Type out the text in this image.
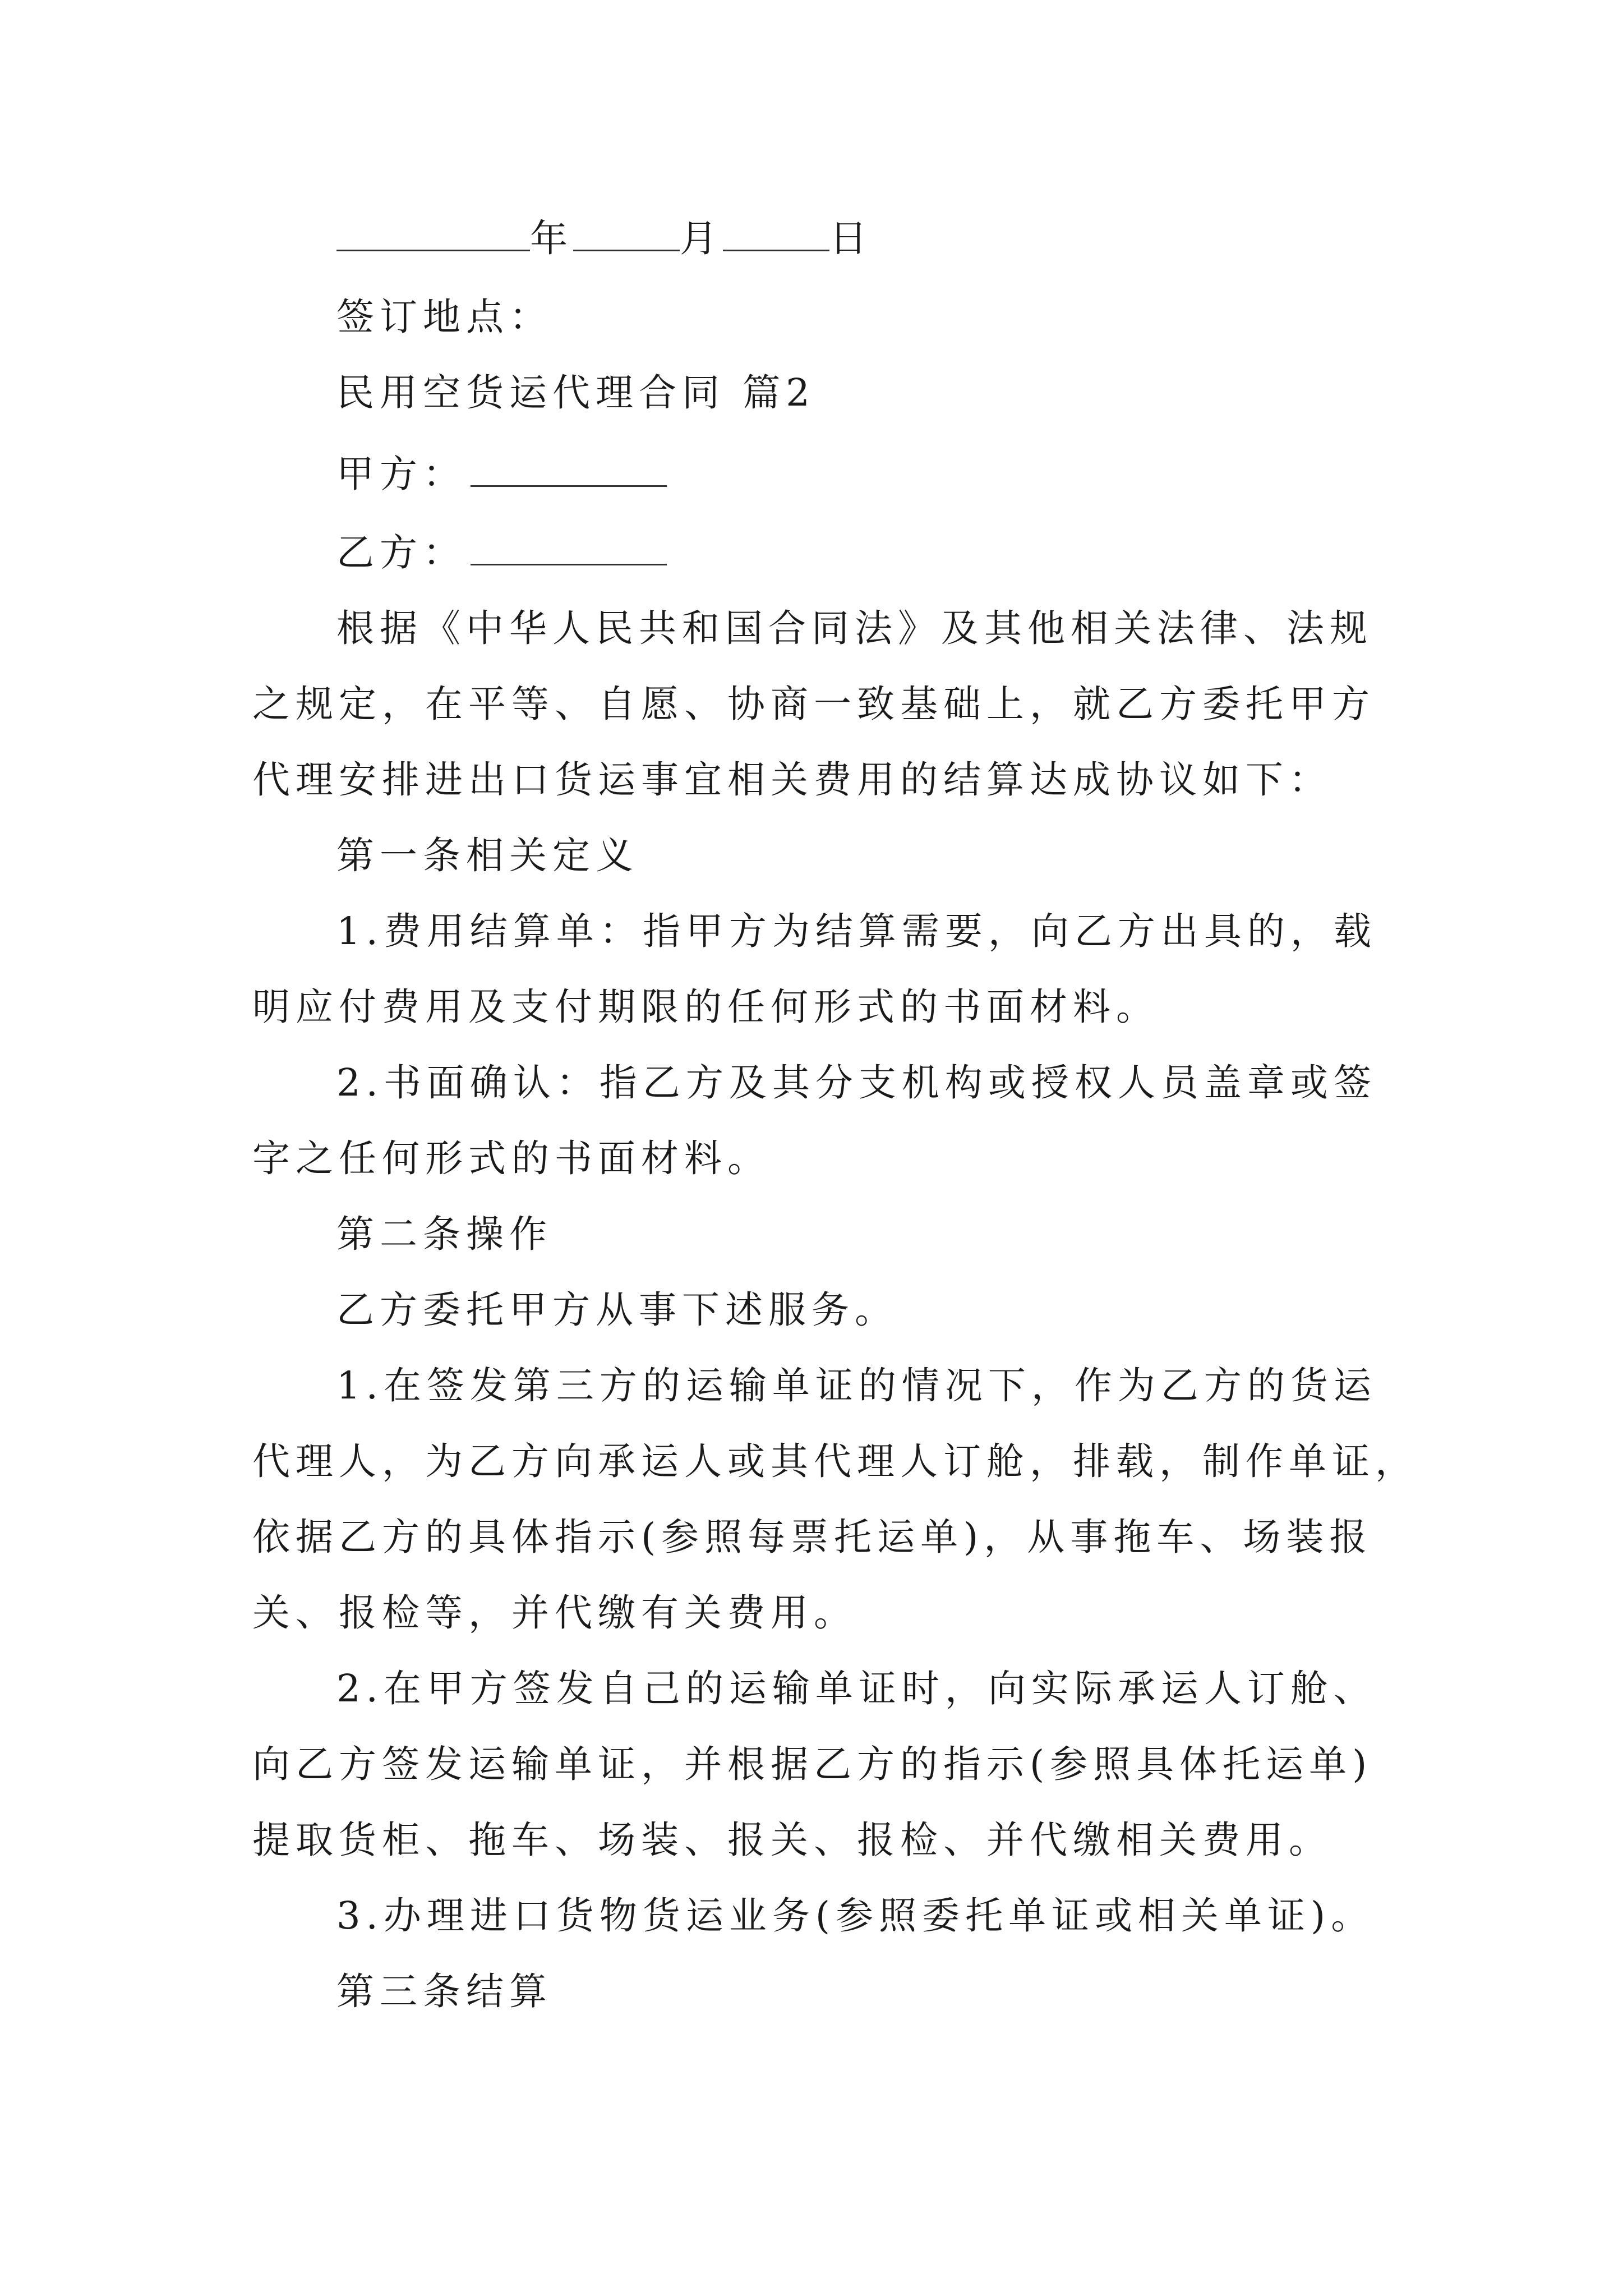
年	月	日
签订地点：
民用空货运代理合同 篇2
甲方：
乙方：
根据《中华人民共和国合同法》及其他相关法律、法规
之规定，在平等、自愿、协商一致基础上，就乙方委托甲方
代理安排进出口货运事宜相关费用的结算达成协议如下：
第一条相关定义
1.费用结算单：指甲方为结算需要，向乙方出具的，载
明应付费用及支付期限的任何形式的书面材料。
2.书面确认：指乙方及其分支机构或授权人员盖章或签
字之任何形式的书面材料。
第二条操作
乙方委托甲方从事下述服务。
1.在签发第三方的运输单证的情况下，作为乙方的货运
代理人，为乙方向承运人或其代理人订舱，排载，制作单证，
依据乙方的具体指示(参照每票托运单)，从事拖车、场装报
关、报检等，并代缴有关费用。
2.在甲方签发自己的运输单证时，向实际承运人订舱、
向乙方签发运输单证，并根据乙方的指示(参照具体托运单)
提取货柜、拖车、场装、报关、报检、并代缴相关费用。
3.办理进口货物货运业务(参照委托单证或相关单证)。
第三条结算
